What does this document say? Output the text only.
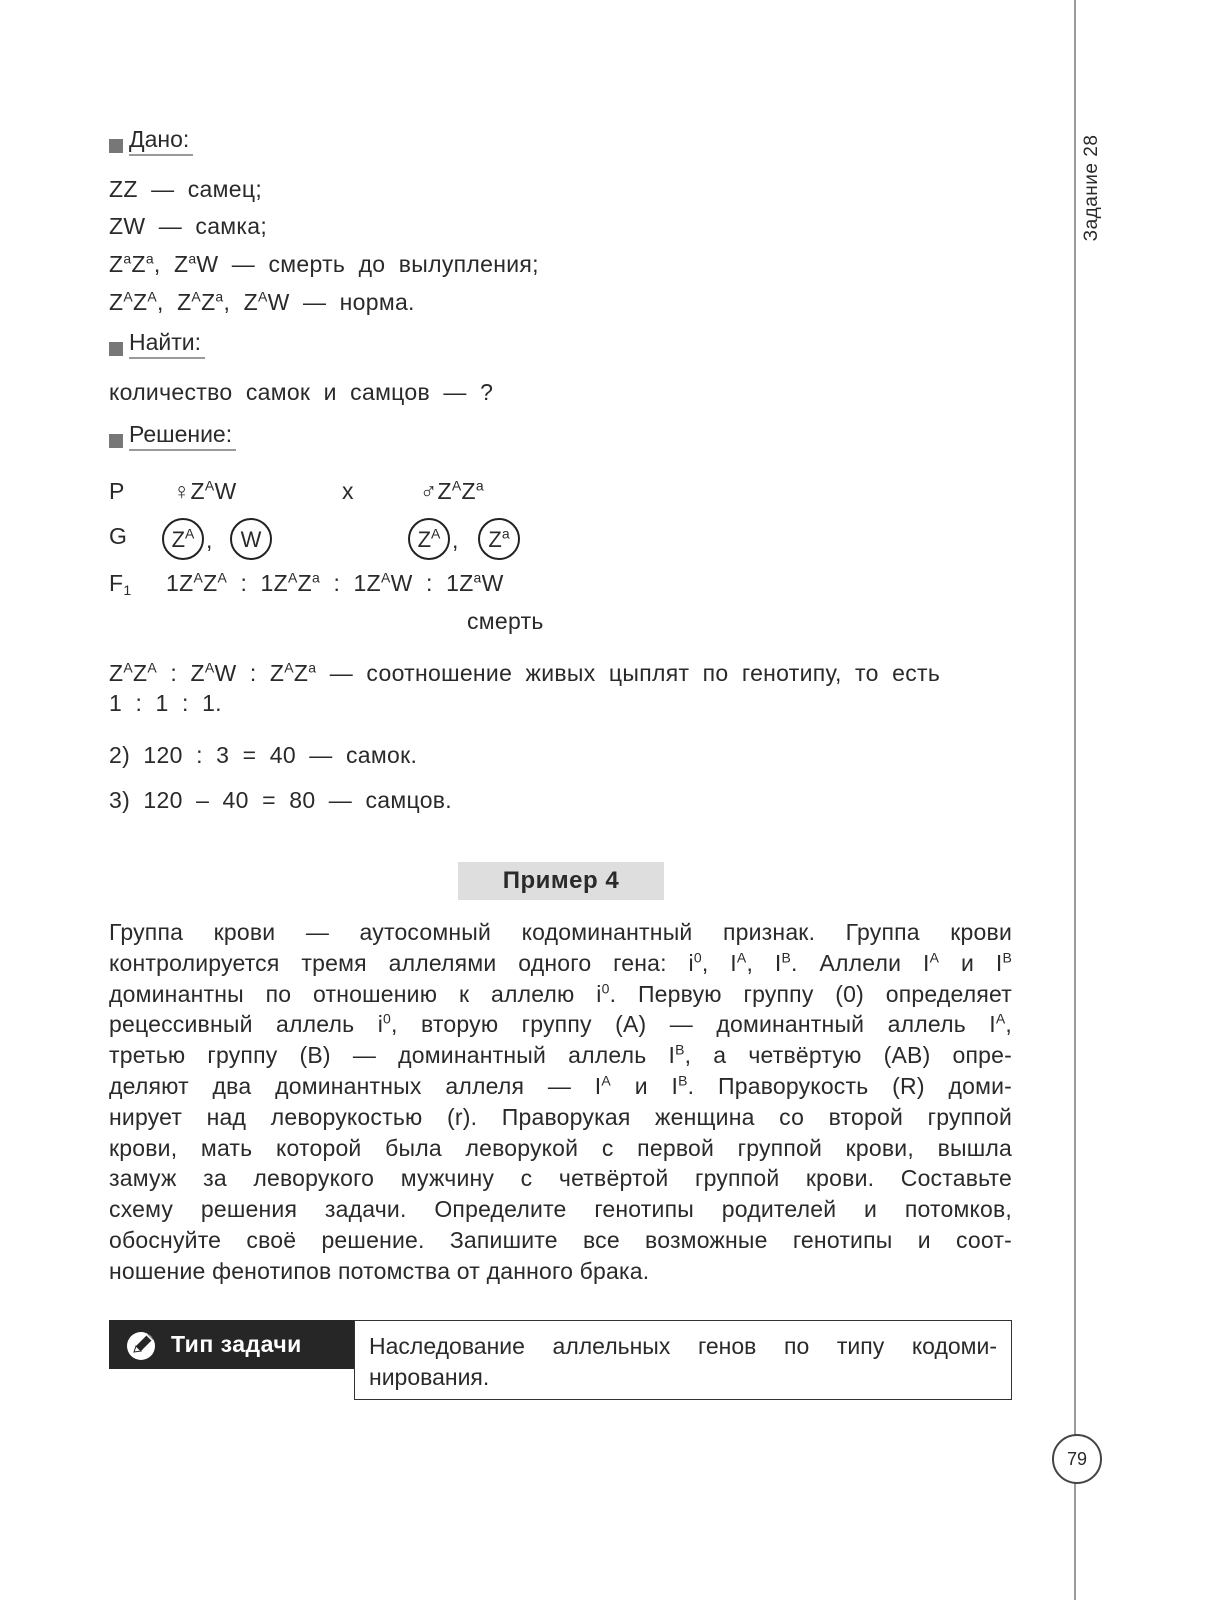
Задание 28
79
Дано:
ZZ  —  самец;
ZW  —  самка;
$Z^aZ^a$,  $Z^aW$  —  смерть  до  вылупления;
$Z^AZ^A$,  $Z^AZ^a$,  $Z^AW$  —  норма.
Найти:
количество  самок  и  самцов  —  ?
Решение:
P $♀Z^AW$	x	$♂Z^AZ^a$
G	$Z^A$ ,	W	$Z^A$ ,	$Z^a$
$F_1$ $1Z^AZ^A$  :  $1Z^AZ^a$  :  $1Z^AW$  :  $1Z^aW$
смерть
$Z^AZ^A$  :  $Z^AW$  :  $Z^AZ^a$  —  соотношение  живых  цыплят  по  генотипу,  то  есть
1  :  1  :  1.
2)  120  :  3  =  40  —  самок.
3)  120  –  40  =  80  —  самцов.
Пример 4
Группа крови — аутосомный кодоминантный признак. Группа крови
контролируется тремя аллелями одного гена: $i^0$, $I^A$, $I^B$. Аллели $I^A$ и $I^B$
доминантны по отношению к аллелю $i^0$. Первую группу (0) определяет
рецессивный аллель $i^0$, вторую группу (А) — доминантный аллель $I^A$,
третью группу (В) — доминантный аллель $I^B$, а четвёртую (АВ) опре-
деляют два доминантных аллеля — $I^A$ и $I^B$. Праворукость (R) доми-
нирует над леворукостью (r). Праворукая женщина со второй группой
крови, мать которой была леворукой с первой группой крови, вышла
замуж за леворукого мужчину с четвёртой группой крови. Составьте
схему решения задачи. Определите генотипы родителей и потомков,
обоснуйте своё решение. Запишите все возможные генотипы и соот-
ношение фенотипов потомства от данного брака.
Тип задачи	Наследование аллельных генов по типу кодоми-
нирования.
